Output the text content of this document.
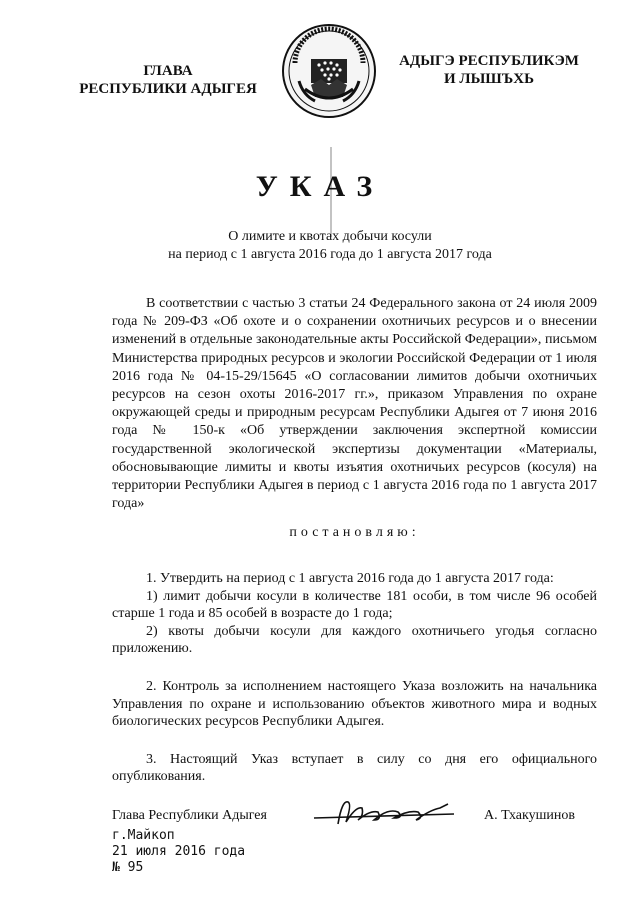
ГЛАВА
РЕСПУБЛИКИ АДЫГЕЯ
АДЫГЭ РЕСПУБЛИКЭМ
И ЛЫШЪХЬ
УКАЗ
О лимите и квотах добычи косули
на период с 1 августа 2016 года до 1 августа 2017 года

В соответствии с частью 3 статьи 24 Федерального закона от 24 июля 2009 года № 209-ФЗ «Об охоте и о сохранении охотничьих ресурсов и о внесении изменений в отдельные законодательные акты Российской Федерации», письмом Министерства природных ресурсов и экологии Российской Федерации от 1 июля 2016 года № 04-15-29/15645 «О согласовании лимитов добычи охотничьих ресурсов на сезон охоты 2016-2017 гг.», приказом Управления по охране окружающей среды и природным ресурсам Республики Адыгея от 7 июня 2016 года № 150-к «Об утверждении заключения экспертной комиссии государственной экологической экспертизы документации «Материалы, обосновывающие лимиты и квоты изъятия охотничьих ресурсов (косуля) на территории Республики Адыгея в период с 1 августа 2016 года по 1 августа 2017 года»

постановляю:

1. Утвердить на период с 1 августа 2016 года до 1 августа 2017 года:

1) лимит добычи косули в количестве 181 особи, в том числе 96 особей старше 1 года и 85 особей в возрасте до 1 года;

2) квоты добычи косули для каждого охотничьего угодья согласно приложению.

2. Контроль за исполнением настоящего Указа возложить на начальника Управления по охране и использованию объектов животного мира и водных биологических ресурсов Республики Адыгея.

3. Настоящий Указ вступает в силу со дня его официального опубликования.

Глава Республики Адыгея	А. Тхакушинов
г.Майкоп
21 июля 2016 года
№ 95
